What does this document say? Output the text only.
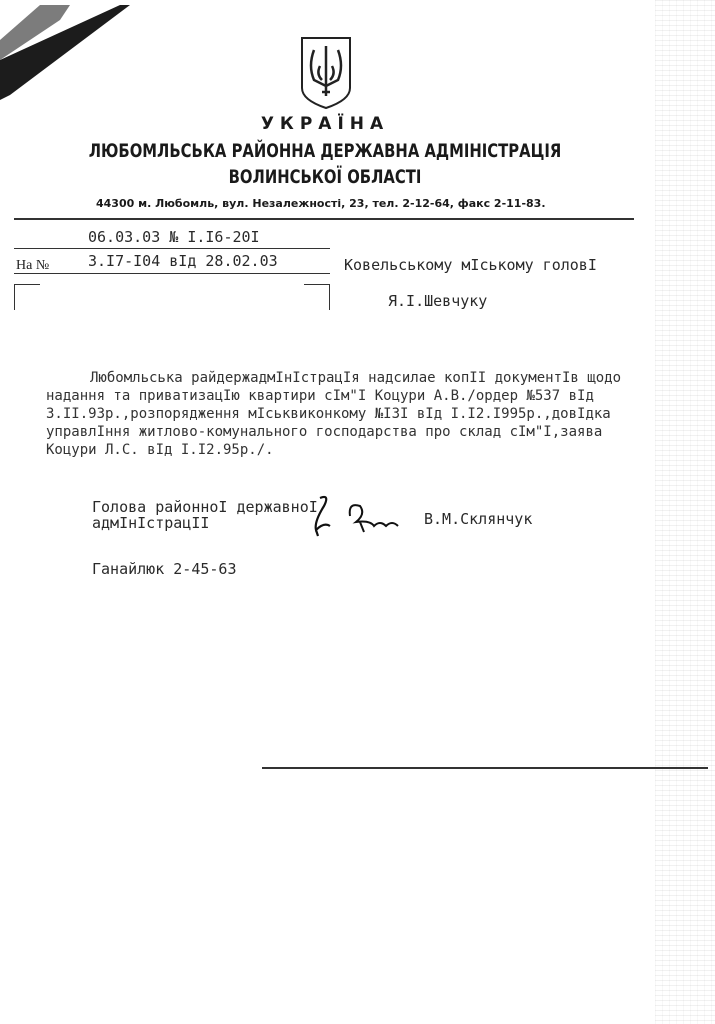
УКРАЇНА
ЛЮБОМЛЬСЬКА РАЙОННА ДЕРЖАВНА АДМІНІСТРАЦІЯ
ВОЛИНСЬКОЇ ОБЛАСТІ
44300 м. Любомль, вул. Незалежності, 23, тел. 2-12-64, факс 2-11-83.
06.03.03 № I.I6-20I
На №	3.I7-I04 вIд 28.02.03	Ковельському мIському головI
Я.I.Шевчуку
Любомльська райдержадмIнIстрацIя надсилае копII документIв щодо
надання та приватизацIю квартири сIм"I Коцури А.В./ордер №537 вIд
3.II.93р.,розпорядження мIськвиконкому №I3I вIд I.I2.I995р.,довIдка
управлIння житлово-комунального господарства про склад сIм"I,заява
Коцури Л.С. вIд I.I2.95р./.
Голова районноI державноI
адмIнIстрацII	В.М.Склянчук
Ганайлюк 2-45-63
